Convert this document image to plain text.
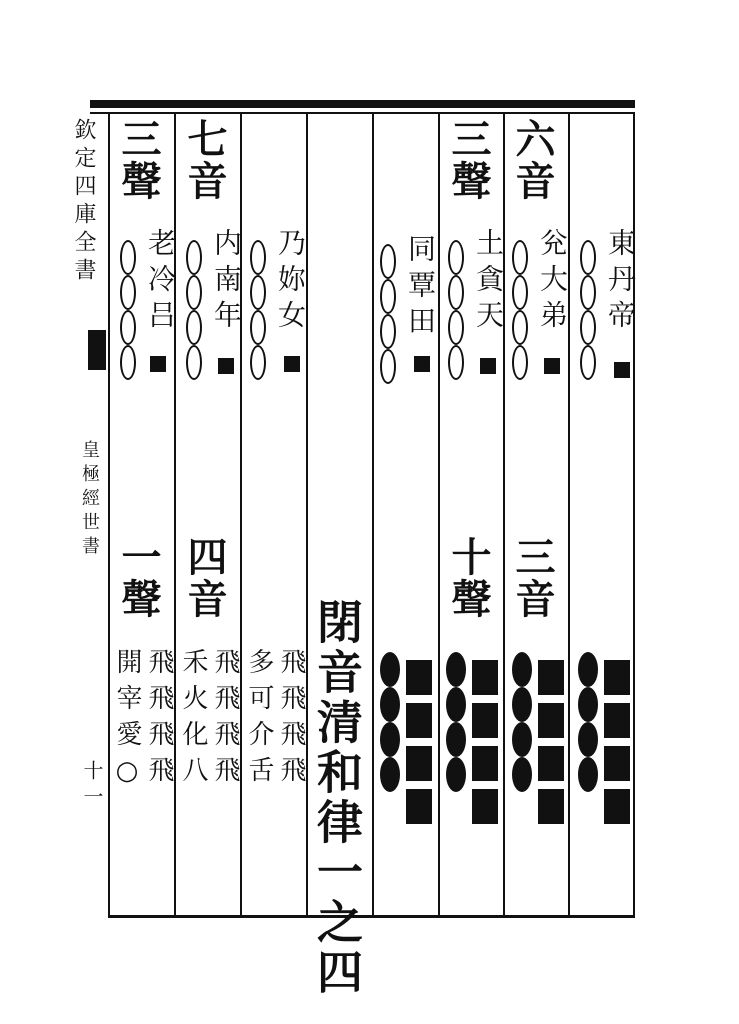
欽定四庫全書
皇極經世書
十一
六音
三聲
七音
三聲
東丹帝
兊大弟
土貪天
同覃田
乃妳女
内南年
老冷吕
閉音清和律一之四
三音
十聲
四音
一聲
飛飛飛飛
多可介舌
飛飛飛飛
禾火化八
飛飛飛飛
開宰愛○
